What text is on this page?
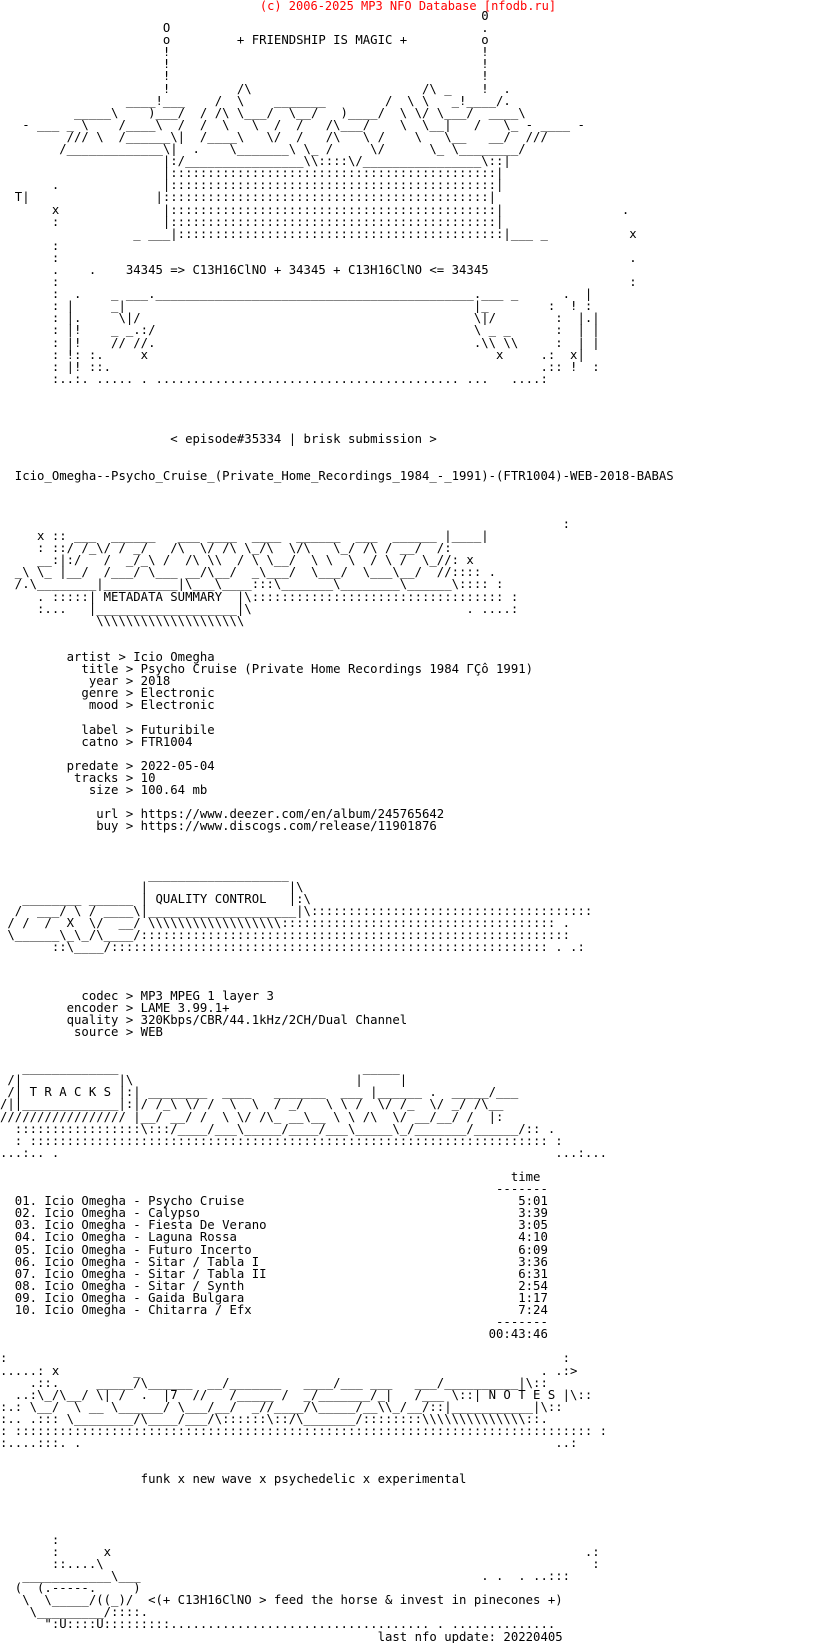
(c) 2006-2025 MP3 NFO Database [nfodb.ru]
0
O                                          .
o         + FRIENDSHIP IS MAGIC +          o
!                                          !
!                                          !
!                                          !
!         /\                       /\ _    !  .
____!___    /  \    _______        /  \ \   _!____/.
_____\    )___/  / /\ \___/  \__/   )____/  \ \/ \___/  ____\
- ___ _ \    /____\  /  /  \   \  /  /   /\___/    \  \__|   /   \_ - ____ -
/// \  /______\|  /____\   \/  /   /\   \ /    \   \__   __/  ///
/_____________\|  .    \_______\ \_ /     \/      \_ \________/
|:/________________\\::::\/________________\::|
|::::::::::::::::::::::::::::::::::::::::::::|
.              |::::::::::::::::::::::::::::::::::::::::::::|
T|                 |::::::::::::::::::::::::::::::::::::::::::::|
x              |::::::::::::::::::::::::::::::::::::::::::::|                .
:              |::::::::::::::::::::::::::::::::::::::::::::|
_ ___|::::::::::::::::::::::::::::::::::::::::::::|___ _           x
:
:                                                                             .
.    .    34345 => C13H16ClNO + 34345 + C13H16ClNO <= 34345
:                                                                             :
:  .    _ ___.___________________________________________.___ _      .  |
: |     _|                                               |_        :  ! :
: |.     \|/                                             \|/        :  |.|
: |!    _ _.:/                                           \ _ _      :  | |
: |!    // //.                                           .\\ \\     :  | |
: !: :.     x                                               x     .:  x|
: |! ::.                                                          .:: !  :
:..:. ..... . ......................................... ...   ....:

< episode#35334 | brisk submission >

Icio_Omegha--Psycho_Cruise_(Private_Home_Recordings_1984_-_1991)-(FTR1004)-WEB-2018-BABAS

:
x :: ___  ______   ___ ____  ____  ______  ___  ______ |____|
: ::/ /_\/ / _/   /\  \/ /\ \_/\  \/\   \_/ /\ / __/  /:
__:|:/   /  _/_\ /  /\ \\  / \ \__/  \ \  \  / \ /  \_//: x
_\ \_ |__/  /___/ \___ __/\__/  _\___/  \___/  \___\__/  //:::: .
/.\________|__________|\___\____:::\_______\________\______\:::: :
. :::::| METADATA SUMMARY  |\:::::::::::::::::::::::::::::::::: :
:...   |___________________|\                             . ....:
\\\\\\\\\\\\\\\\\\\\

artist > Icio Omegha
title > Psycho Cruise (Private Home Recordings 1984 ΓÇô 1991)
year > 2018
genre > Electronic
mood > Electronic

label > Futuribile
catno > FTR1004

predate > 2022-05-04
tracks > 10
size > 100.64 mb

url > https://www.deezer.com/en/album/245765642
buy > https://www.discogs.com/release/11901876

___________________
|                   |\
________ ______ | QUALITY CONTROL   |:\
/  ___/ \ / ____\|____________________|\::::::::::::::::::::::::::::::::::::::
/ /  /  X  \/  __/ \\\\\\\\\\\\\\\\\\::::::::::::::::::::::::::::::::::::: .
\______\_\_/\____/::::::::::::::::::::::::::::::::::::::::::::::::::::::::::
::\____/::::::::::::::::::::::::::::::::::::::::::::::::::::::::::: . .:

codec > MP3 MPEG 1 layer 3
encoder > LAME 3.99.1+
quality > 320Kbps/CBR/44.1kHz/2CH/Dual Channel
source > WEB

_____________                                 _____
/|             |\                              |     |
/| T R A C K S |:| ________  ____   _______  ___ |______ .  _____/___
/||_____________|:|/ /_\ \/ /  \  \  / _/   \ \ /  \/ /_  \/ _/ /\__
///////////////// |__/ __/ /  \ \/ /\_ __\__ \ \ /\  \/ __/__/ /  |:
:::::::::::::::::\:::/____/___\_____/____/___\_____\_/_______/______/:: .
: :::::::::::::::::::::::::::::::::::::::::::::::::::::::::::::::::::::: :
...:.. .                                                                   ...:...

time
-------
01. Icio Omegha - Psycho Cruise                                     5:01
02. Icio Omegha - Calypso                                           3:39
03. Icio Omegha - Fiesta De Verano                                  3:05
04. Icio Omegha - Laguna Rossa                                      4:10
05. Icio Omegha - Futuro Incerto                                    6:09
06. Icio Omegha - Sitar / Tabla I                                   3:36
07. Icio Omegha - Sitar / Tabla II                                  6:31
08. Icio Omegha - Sitar / Synth                                     2:54
09. Icio Omegha - Gaida Bulgara                                     1:17
10. Icio Omegha - Chitarra / Efx                                    7:24
-------
00:43:46

:                                                                           :
.....: x          _                                                      . .:>
.::.     _____/\______  __/_______   ____/___ ___   ___/__________|\::
..:\_/\__/ \| /  .  |7  //   /_____ /  _/_______/_|   /___ \::| N O T E S |\::
:.: \__/  \ __ \______/ \___/__/  _//____/\_____/__\\_/__/::|___________|\::
:.. .::: \________/\____/___/\::::::\::/\_______/::::::::\\\\\\\\\\\\\\::.
: :::::::::::::::::::::::::::::::::::::::::::::::::::::::::::::::::::::::::::::: :
:....:::. .                                                                ..:

funk x new wave x psychedelic x experimental

:
:      x                                                                .:
::....\                                                                  :
____________\___                                              . .  . ..:::
(  (.-----.     )
\  \_____/((_)/  <(+ C13H16ClNO > feed the horse & invest in pinecones +)
\_________/::::.
":U::::U:::::::::................................... . ..............
last nfo update: 20220405
